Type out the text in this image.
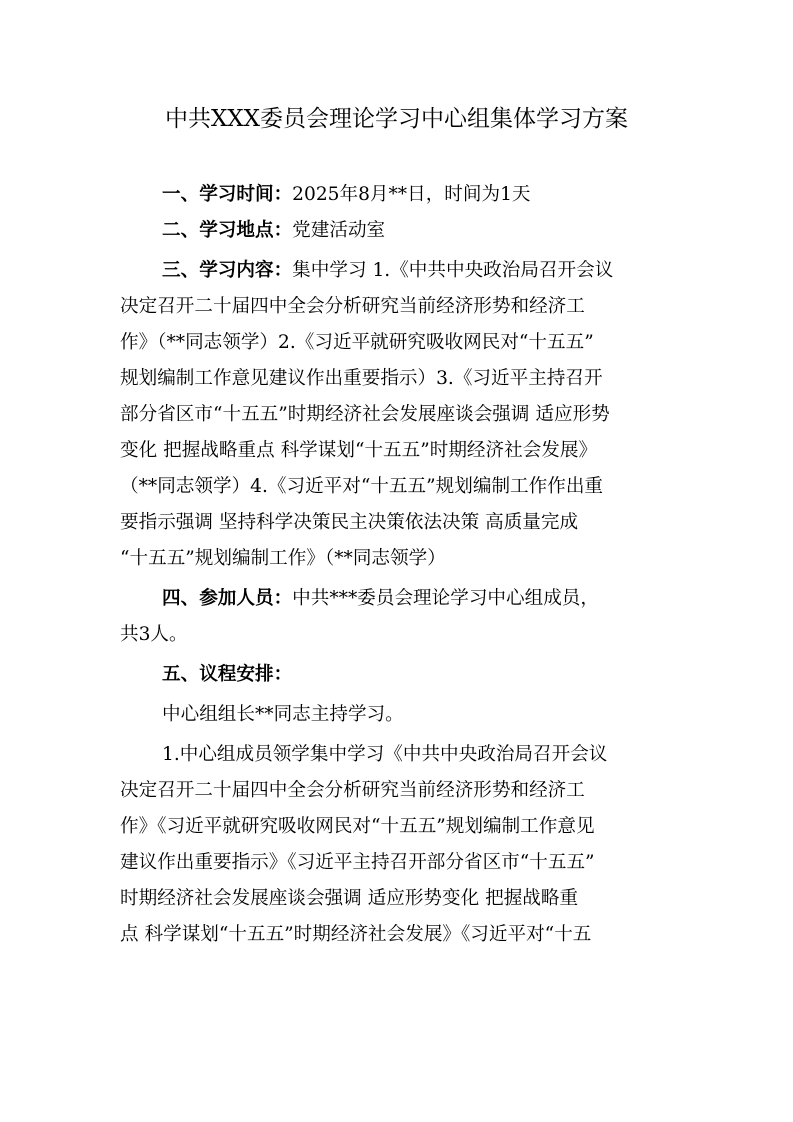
中共XXX委员会理论学习中心组集体学习方案
一、学习时间：2025年8月**日，时间为1天
二、学习地点：党建活动室
三、学习内容：集中学习 1.《中共中央政治局召开会议
决定召开二十届四中全会分析研究当前经济形势和经济工
作》（**同志领学）2.《习近平就研究吸收网民对“十五五”
规划编制工作意见建议作出重要指示）3.《习近平主持召开
部分省区市“十五五”时期经济社会发展座谈会强调 适应形势
变化 把握战略重点 科学谋划“十五五”时期经济社会发展》
（**同志领学）4.《习近平对“十五五”规划编制工作作出重
要指示强调 坚持科学决策民主决策依法决策 高质量完成
“十五五”规划编制工作》（**同志领学）
四、参加人员：中共***委员会理论学习中心组成员，
共3人。
五、议程安排：
中心组组长**同志主持学习。
1.中心组成员领学集中学习《中共中央政治局召开会议
决定召开二十届四中全会分析研究当前经济形势和经济工
作》《习近平就研究吸收网民对“十五五”规划编制工作意见
建议作出重要指示》《习近平主持召开部分省区市“十五五”
时期经济社会发展座谈会强调 适应形势变化 把握战略重
点 科学谋划“十五五”时期经济社会发展》《习近平对“十五
